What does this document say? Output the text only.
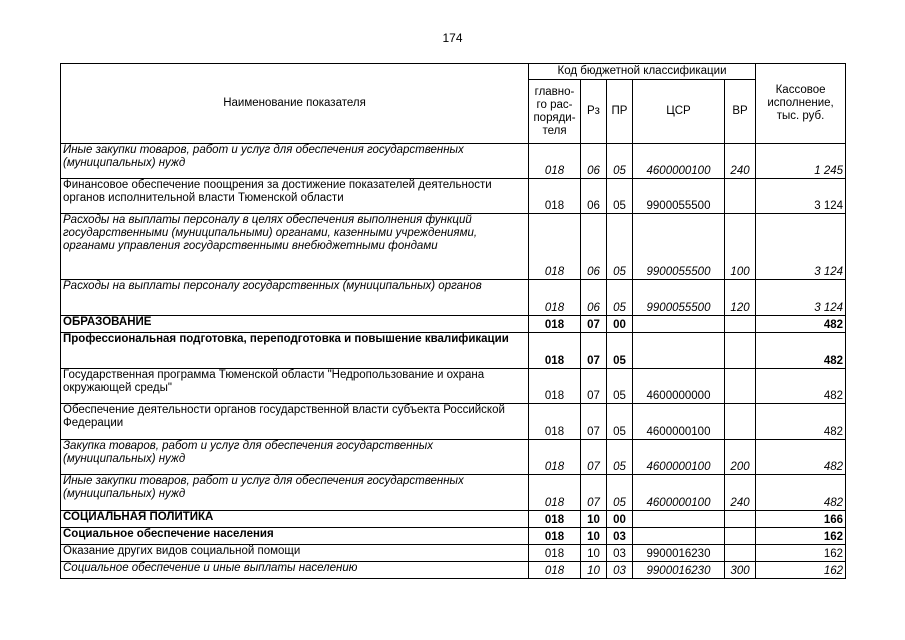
174
Наименование показателя	Код бюджетной классификации					Кассовое исполнение, тыс. руб.
	главно-го рас-поряди-теля	Рз	ПР	ЦСР	ВР	
Иные закупки товаров, работ и услуг для обеспечения государственных (муниципальных) нужд	018	06	05	4600000100	240	1 245
Финансовое обеспечение поощрения за достижение показателей деятельности органов исполнительной власти Тюменской области	018	06	05	9900055500		3 124
Расходы на выплаты персоналу в целях обеспечения выполнения функций государственными (муниципальными) органами, казенными учреждениями, органами управления государственными внебюджетными фондами	018	06	05	9900055500	100	3 124
Расходы на выплаты персоналу государственных (муниципальных) органов	018	06	05	9900055500	120	3 124
ОБРАЗОВАНИЕ	018	07	00			482
Профессиональная подготовка, переподготовка и повышение квалификации	018	07	05			482
Государственная программа Тюменской области "Недропользование и охрана окружающей среды"	018	07	05	4600000000		482
Обеспечение деятельности органов государственной власти субъекта Российской Федерации	018	07	05	4600000100		482
Закупка товаров, работ и услуг для обеспечения государственных (муниципальных) нужд	018	07	05	4600000100	200	482
Иные закупки товаров, работ и услуг для обеспечения государственных (муниципальных) нужд	018	07	05	4600000100	240	482
СОЦИАЛЬНАЯ ПОЛИТИКА	018	10	00			166
Социальное обеспечение населения	018	10	03			162
Оказание других видов социальной помощи	018	10	03	9900016230		162
Социальное обеспечение и иные выплаты населению	018	10	03	9900016230	300	162
